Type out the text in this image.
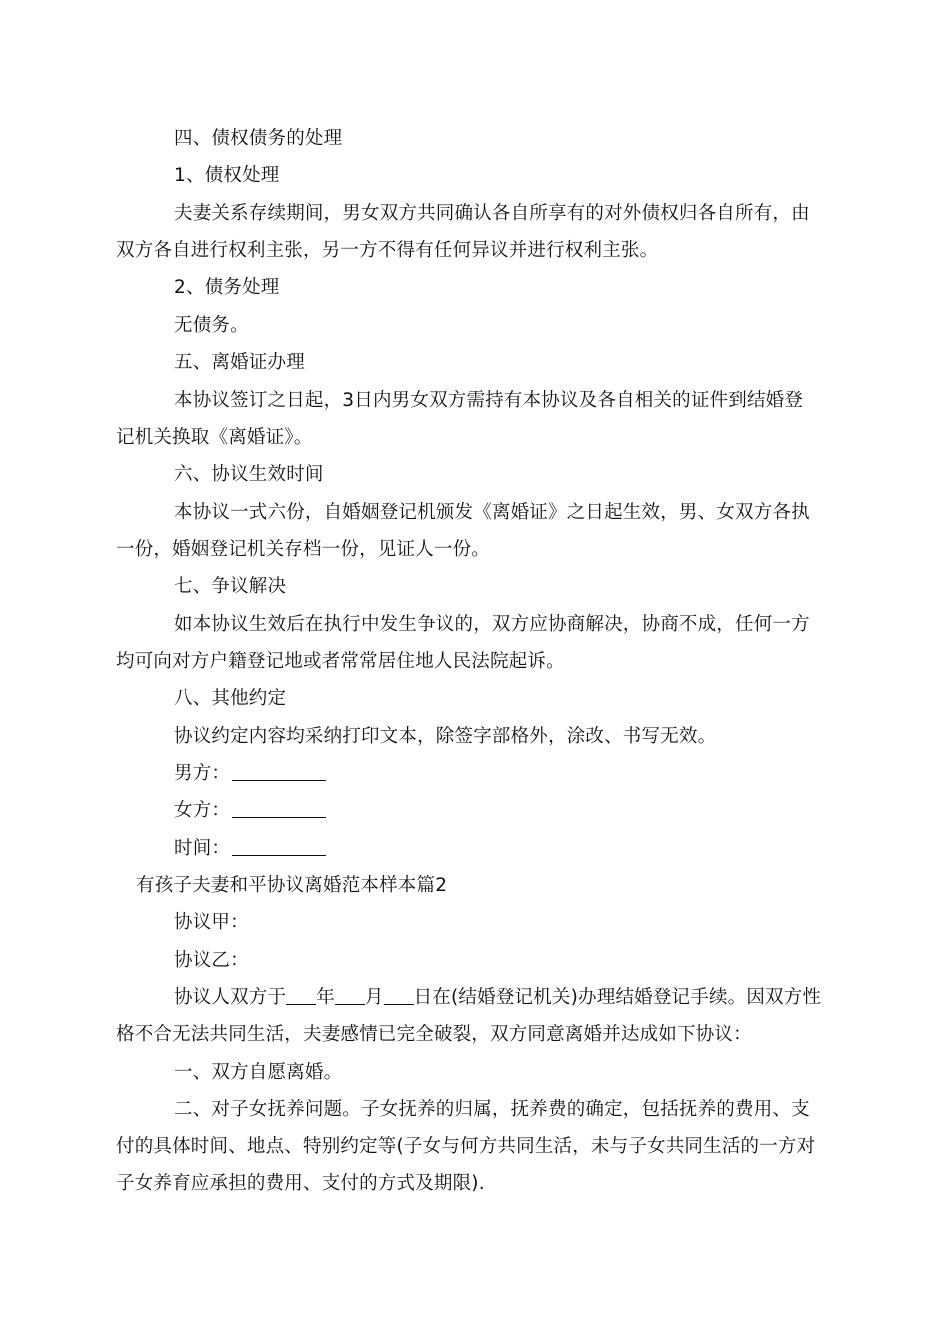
四、债权债务的处理
1、债权处理
夫妻关系存续期间，男女双方共同确认各自所享有的对外债权归各自所有，由
双方各自进行权利主张，另一方不得有任何异议并进行权利主张。
2、债务处理
无债务。
五、离婚证办理
本协议签订之日起，3日内男女双方需持有本协议及各自相关的证件到结婚登
记机关换取《离婚证》。
六、协议生效时间
本协议一式六份，自婚姻登记机颁发《离婚证》之日起生效，男、女双方各执
一份，婚姻登记机关存档一份，见证人一份。
七、争议解决
如本协议生效后在执行中发生争议的，双方应协商解决，协商不成，任何一方
均可向对方户籍登记地或者常常居住地人民法院起诉。
八、其他约定
协议约定内容均采纳打印文本，除签字部格外，涂改、书写无效。
男方：
女方：
时间：
有孩子夫妻和平协议离婚范本样本篇2
协议甲：
协议乙：
协议人双方于 年 月 日在(结婚登记机关)办理结婚登记手续。因双方性
格不合无法共同生活，夫妻感情已完全破裂，双方同意离婚并达成如下协议：
一、双方自愿离婚。
二、对子女抚养问题。子女抚养的归属，抚养费的确定，包括抚养的费用、支
付的具体时间、地点、特别约定等(子女与何方共同生活，未与子女共同生活的一方对
子女养育应承担的费用、支付的方式及期限).
